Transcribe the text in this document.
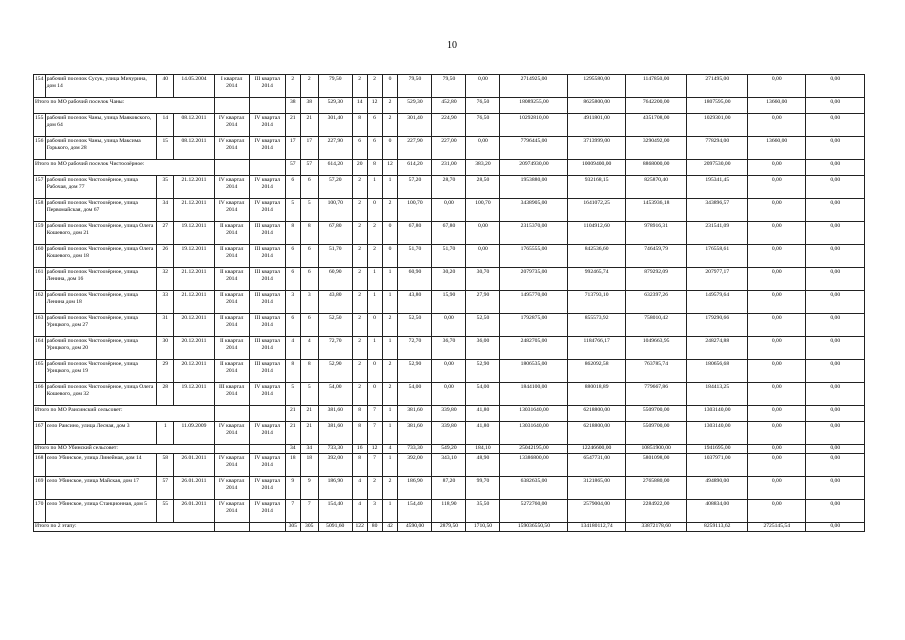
10
154	рабочий поселок Сусук, улица Мичурина, дом 14	40	14.05.2004	I квартал 2014	III квартал 2014	2	2	79,50	2	2	0	79,50	79,50	0,00	2714925,00	1295580,00	1147850,00	271495,00	0,00	0,00
Итого по МО рабочий поселок Чаны:						38	38	529,30	14	12	2	529,30	452,80	76,50	18089255,00	8625800,00	7642200,00	1807595,00	13660,00	0,00
155	рабочий поселок Чаны, улица Маяковского, дом 64	14	08.12.2011	IV квартал 2014	IV квартал 2014	21	21	301,40	8	6	2	301,40	224,90	76,50	10292810,00	4911801,00	4351708,00	1029301,00	0,00	0,00
156	рабочий поселок Чаны, улица Максима Горького, дом 28	15	08.12.2011	IV квартал 2014	IV квартал 2014	17	17	227,90	6	6	0	227,90	227,00	0,00	7796445,00	3713999,00	3290492,00	778294,00	13660,00	0,00
Итого по МО рабочий поселок Чистоозёрное:						57	57	614,20	20	8	12	614,20	231,00	383,20	20974930,00	10009400,00	8868000,00	2097530,00	0,00	0,00
157	рабочий поселок Чистоозёрное, улица Рабочая, дом 77	35	21.12.2011	IV квартал 2014	IV квартал 2014	6	6	57,20	2	1	1	57,20	28,70	28,50	1953880,00	932168,15	825870,40	195341,45	0,00	0,00
158	рабочий поселок Чистоозёрное, улица Первомайская, дом 67	34	21.12.2011	IV квартал 2014	IV квартал 2014	5	5	100,70	2	0	2	100,70	0,00	100,70	3438905,00	1641072,25	1453936,18	343896,57	0,00	0,00
159	рабочий поселок Чистоозёрное, улица Олега Кошевого, дом 21	27	19.12.2011	II квартал 2014	III квартал 2014	8	8	67,80	2	2	0	67,80	67,80	0,00	2315370,00	1104912,60	978916,31	231541,09	0,00	0,00
160	рабочий поселок Чистоозёрное, улица Олега Кошевого, дом 18	26	19.12.2011	II квартал 2014	III квартал 2014	6	6	51,70	2	2	0	51,70	51,70	0,00	1765555,00	842536,60	746459,79	176558,61	0,00	0,00
161	рабочий поселок Чистоозёрное, улица Ленина, дом 16	32	21.12.2011	II квартал 2014	III квартал 2014	6	6	60,90	2	1	1	60,90	30,20	30,70	2079735,00	992465,74	879292,09	207977,17	0,00	0,00
162	рабочий поселок Чистоозёрное, улица Ленина дом 18	33	21.12.2011	II квартал 2014	III квартал 2014	3	3	43,80	2	1	1	43,80	15,90	27,90	1495770,00	713793,10	632397,26	149579,64	0,00	0,00
163	рабочий поселок Чистоозёрное, улица Урицкого, дом 27	31	20.12.2011	II квартал 2014	III квартал 2014	6	6	52,50	2	0	2	52,50	0,00	52,50	1792875,00	855573,92	758010,42	179290,66	0,00	0,00
164	рабочий поселок Чистоозёрное, улица Урицкого, дом 20	30	20.12.2011	II квартал 2014	III квартал 2014	4	4	72,70	2	1	1	72,70	36,70	36,00	2482705,00	1184766,17	1049663,95	248274,88	0,00	0,00
165	рабочий поселок Чистоозёрное, улица Урицкого, дом 19	29	20.12.2011	II квартал 2014	III квартал 2014	8	8	52,90	2	0	2	52,90	0,00	52,90	1806535,00	862092,58	763785,74	180656,68	0,00	0,00
166	рабочий поселок Чистоозёрное, улица Олега Кошевого, дом 32	28	19.12.2011	III квартал 2014	IV квартал 2014	5	5	54,00	2	0	2	54,00	0,00	54,00	1844100,00	880018,89	779667,86	184413,25	0,00	0,00
Итого по МО Раисинский сельсовет:						21	21	381,60	8	7	1	381,60	339,80	41,80	13031640,00	6218800,00	5509700,00	1303140,00	0,00	0,00
167	село Раисино, улица Лесная, дом 3	1	11.09.2009	IV квартал 2014	IV квартал 2014	21	21	381,60	8	7	1	381,60	339,80	41,80	13031640,00	6218800,00	5509700,00	1303140,00	0,00	0,00
Итого по МО Убинский сельсовет:						34	34	733,30	16	12	4	733,30	549,20	184,10	25042195,00	12246600,00	10851900,00	1941695,00	0,00	0,00
168	село Убинское, улица Линейная, дом 14	58	26.01.2011	IV квартал 2014	IV квартал 2014	18	18	392,00	8	7	1	392,00	343,10	48,90	13386800,00	6547731,00	5801098,00	1037971,00	0,00	0,00
169	село Убинское, улица Майская, дом 17	57	26.01.2011	IV квартал 2014	IV квартал 2014	9	9	186,90	4	2	2	186,90	87,20	99,70	6382635,00	3121865,00	2765880,00	494890,00	0,00	0,00
170	село Убинское, улица Станционная, дом 5	55	26.01.2011	IV квартал 2014	IV квартал 2014	7	7	154,40	4	3	1	154,40	118,90	35,50	5272760,00	2579004,00	2284922,00	408834,00	0,00	0,00
Итого по 2 этапу:						305	305	5091,60	122	80	42	4590,00	2879,50	1710,50	159036550,50	134180112,74	33872178,60	8259113,62	2725145,54	0,00
